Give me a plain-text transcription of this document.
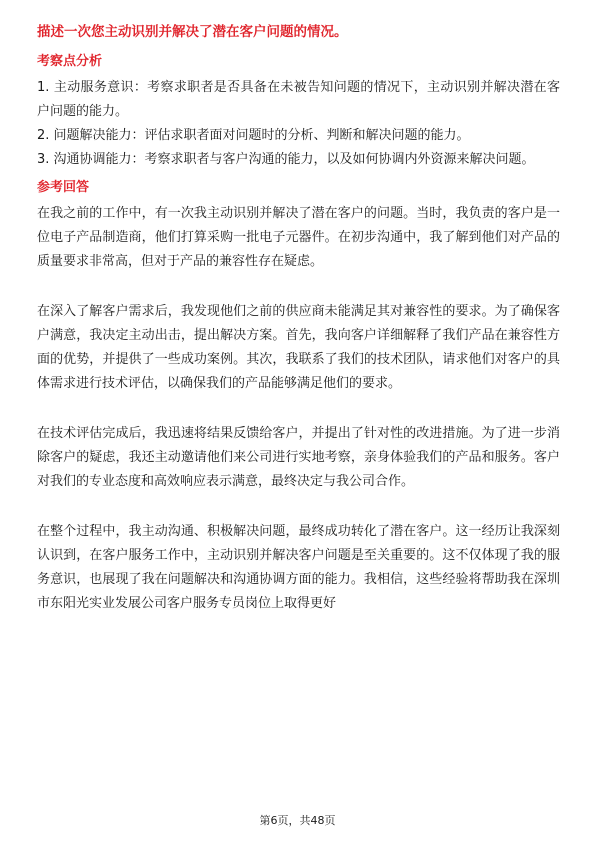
描述一次您主动识别并解决了潜在客户问题的情况。

考察点分析

1. 主动服务意识：考察求职者是否具备在未被告知问题的情况下，主动识别并解决潜在客户问题的能力。

2. 问题解决能力：评估求职者面对问题时的分析、判断和解决问题的能力。

3. 沟通协调能力：考察求职者与客户沟通的能力，以及如何协调内外资源来解决问题。

参考回答

在我之前的工作中，有一次我主动识别并解决了潜在客户的问题。当时，我负责的客户是一位电子产品制造商，他们打算采购一批电子元器件。在初步沟通中，我了解到他们对产品的质量要求非常高，但对于产品的兼容性存在疑虑。

在深入了解客户需求后，我发现他们之前的供应商未能满足其对兼容性的要求。为了确保客户满意，我决定主动出击，提出解决方案。首先，我向客户详细解释了我们产品在兼容性方面的优势，并提供了一些成功案例。其次，我联系了我们的技术团队，请求他们对客户的具体需求进行技术评估，以确保我们的产品能够满足他们的要求。

在技术评估完成后，我迅速将结果反馈给客户，并提出了针对性的改进措施。为了进一步消除客户的疑虑，我还主动邀请他们来公司进行实地考察，亲身体验我们的产品和服务。客户对我们的专业态度和高效响应表示满意，最终决定与我公司合作。

在整个过程中，我主动沟通、积极解决问题，最终成功转化了潜在客户。这一经历让我深刻认识到，在客户服务工作中，主动识别并解决客户问题是至关重要的。这不仅体现了我的服务意识，也展现了我在问题解决和沟通协调方面的能力。我相信，这些经验将帮助我在深圳市东阳光实业发展公司客户服务专员岗位上取得更好

第6页，共48页
